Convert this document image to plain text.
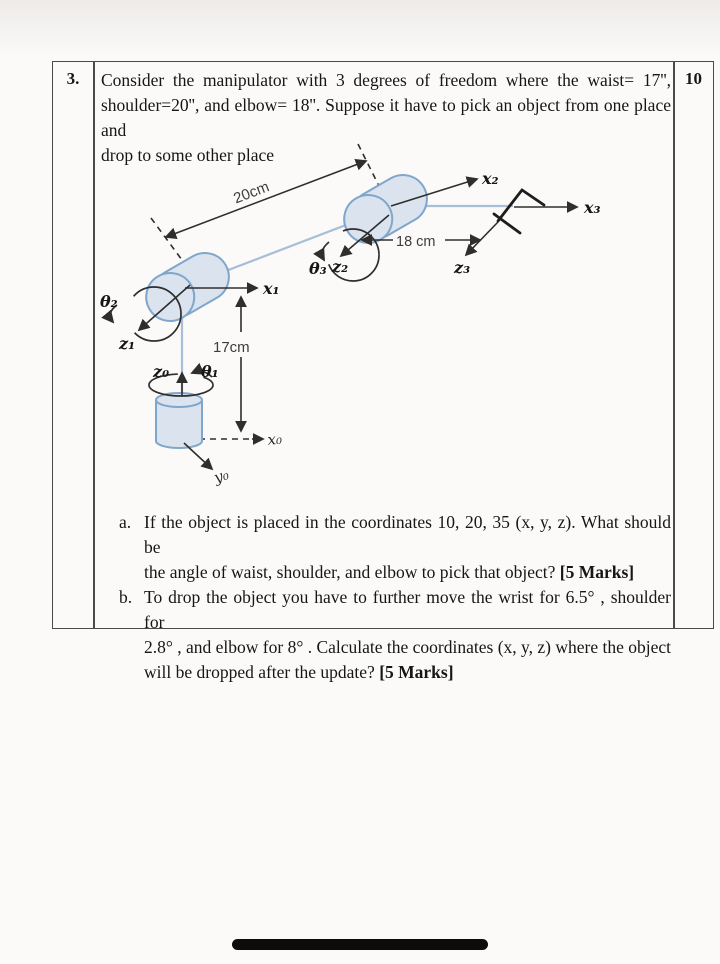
3.	10
Consider the manipulator with 3 degrees of freedom where the waist= 17'',
shoulder=20'', and elbow= 18''. Suppose it have to pick an object from one place and
drop to some other place
20cm
18 cm
17cm
x₁
x₂
x₃
z₁
z₂	z₃
z₀ θ₁
θ₂
θ₃
x₀
y₀
a. If the object is placed in the coordinates 10, 20, 35 (x, y, z). What should be
the angle of waist, shoulder, and elbow to pick that object? [5 Marks]
b. To drop the object you have to further move the wrist for 6.5° , shoulder for
2.8° , and elbow for 8° . Calculate the coordinates (x, y, z) where the object
will be dropped after the update? [5 Marks]
